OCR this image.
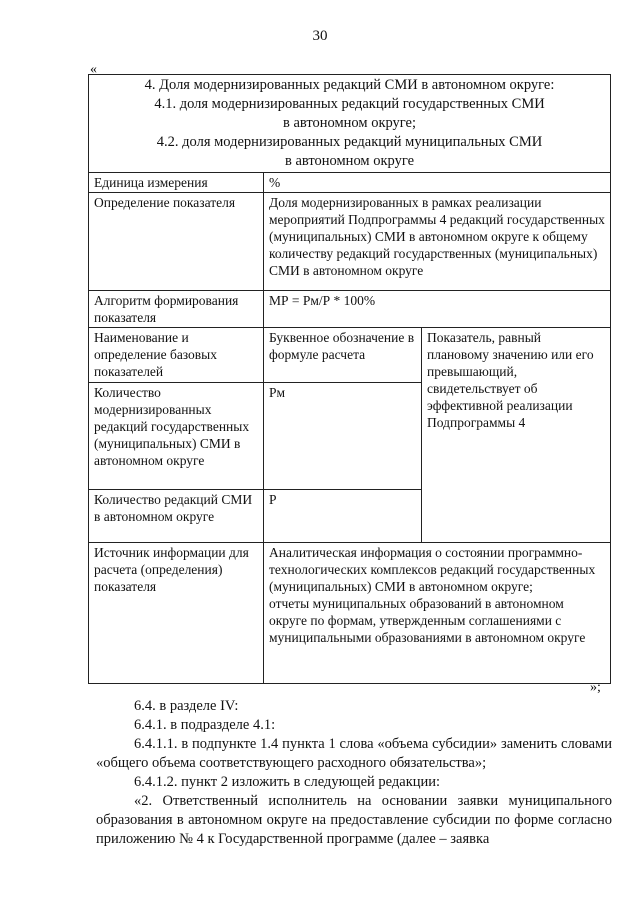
30
«
4. Доля модернизированных редакций СМИ в автономном округе:
4.1. доля модернизированных редакций государственных СМИ
в автономном округе;
4.2. доля модернизированных редакций муниципальных СМИ
в автономном округе		

Единица измерения	%	
Определение показателя	Доля модернизированных в рамках реализации мероприятий Подпрограммы 4 редакций государственных (муниципальных) СМИ в автономном округе к общему количеству редакций государственных (муниципальных) СМИ в автономном округе	
Алгоритм формирования показателя	МР = Рм/Р * 100%	
Наименование и определение базовых показателей	Буквенное обозначение в формуле расчета	Показатель, равный плановому значению или его превышающий, свидетельствует об эффективной реализации Подпрограммы 4
Количество модернизированных редакций государственных (муниципальных) СМИ в автономном округе	Рм	
Количество редакций СМИ в автономном округе	Р	
Источник информации для расчета (определения) показателя	Аналитическая информация о состоянии программно-технологических комплексов редакций государственных (муниципальных) СМИ в автономном округе;
отчеты муниципальных образований в автономном округе по формам, утвержденным соглашениями с муниципальными образованиями в автономном округе	
»;

6.4. в разделе IV:

6.4.1. в подразделе 4.1:

6.4.1.1. в подпункте 1.4 пункта 1 слова «объема субсидии» заменить словами «общего объема соответствующего расходного обязательства»;

6.4.1.2. пункт 2 изложить в следующей редакции:

«2. Ответственный исполнитель на основании заявки муниципального образования в автономном округе на предоставление субсидии по форме согласно приложению № 4 к Государственной программе (далее – заявка
